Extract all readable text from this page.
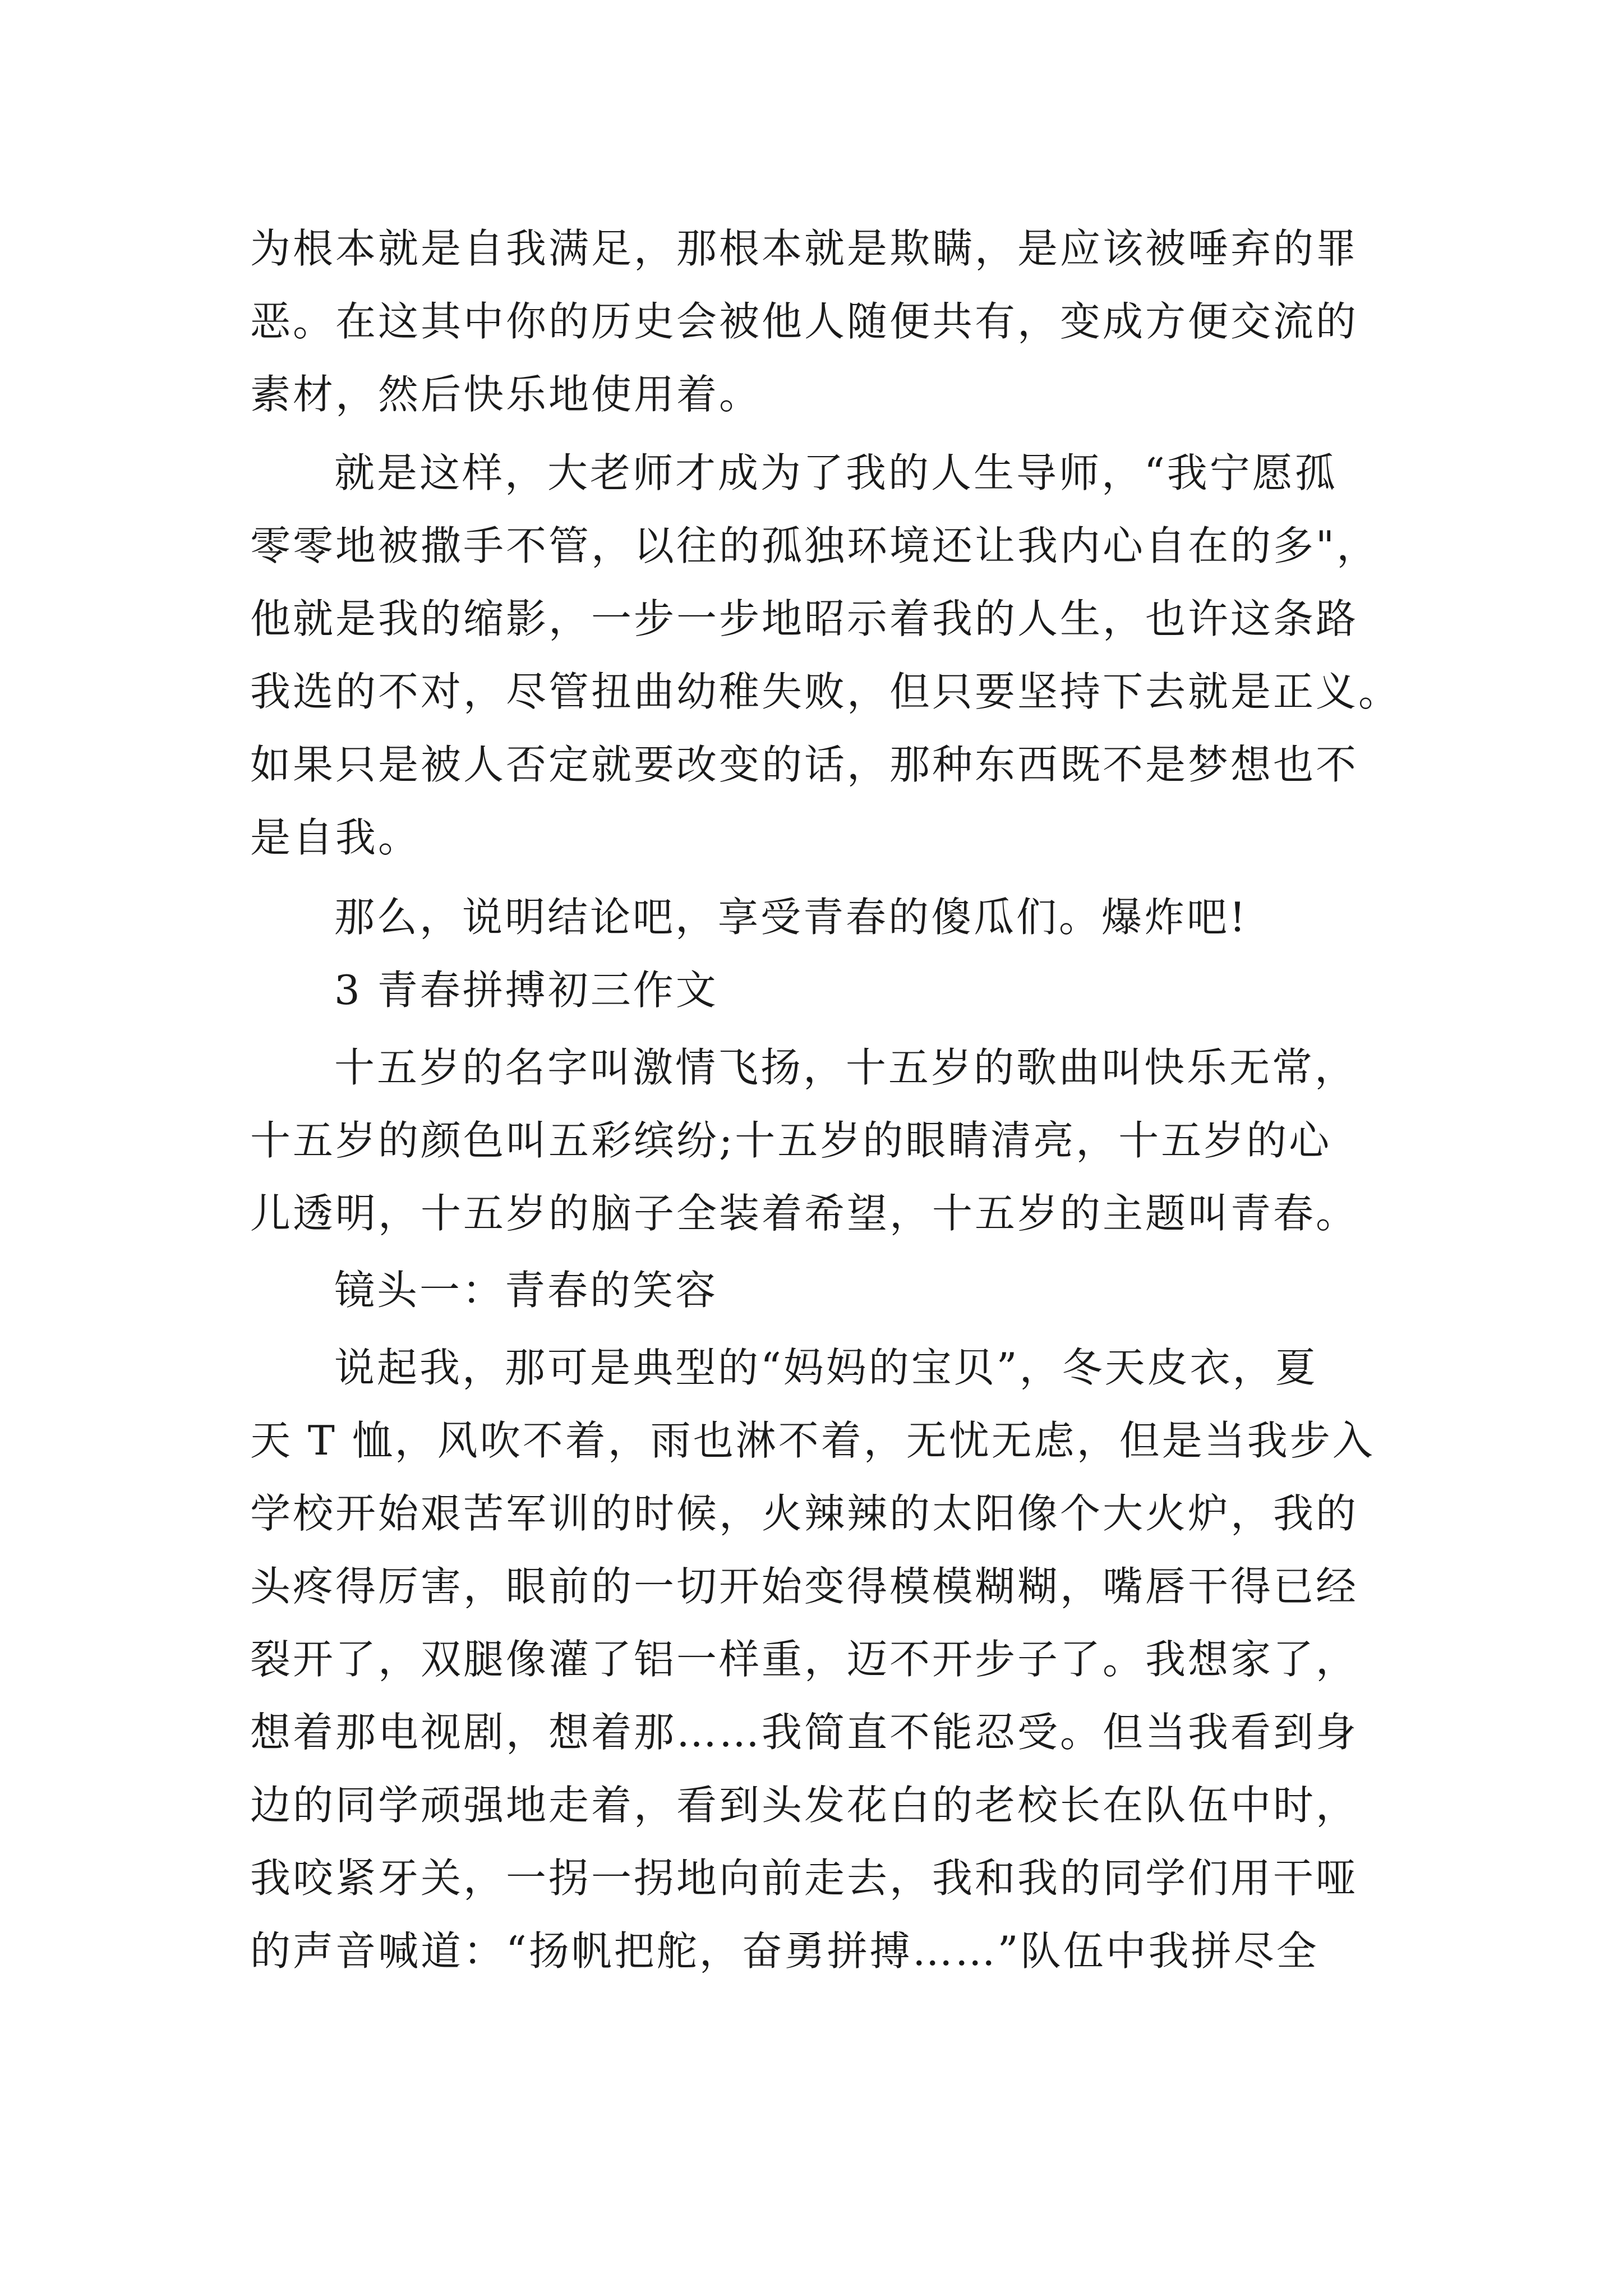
为根本就是自我满足，那根本就是欺瞒，是应该被唾弃的罪
恶。在这其中你的历史会被他人随便共有，变成方便交流的
素材，然后快乐地使用着。
就是这样，大老师才成为了我的人生导师，“我宁愿孤
零零地被撒手不管，以往的孤独环境还让我内心自在的多"，
他就是我的缩影，一步一步地昭示着我的人生，也许这条路
我选的不对，尽管扭曲幼稚失败，但只要坚持下去就是正义。
如果只是被人否定就要改变的话，那种东西既不是梦想也不
是自我。
那么，说明结论吧，享受青春的傻瓜们。爆炸吧!
3 青春拼搏初三作文
十五岁的名字叫激情飞扬，十五岁的歌曲叫快乐无常，
十五岁的颜色叫五彩缤纷;十五岁的眼睛清亮，十五岁的心
儿透明，十五岁的脑子全装着希望，十五岁的主题叫青春。
镜头一：青春的笑容
说起我，那可是典型的“妈妈的宝贝”，冬天皮衣，夏
天 T 恤，风吹不着，雨也淋不着，无忧无虑，但是当我步入
学校开始艰苦军训的时候，火辣辣的太阳像个大火炉，我的
头疼得厉害，眼前的一切开始变得模模糊糊，嘴唇干得已经
裂开了，双腿像灌了铝一样重，迈不开步子了。我想家了，
想着那电视剧，想着那……我简直不能忍受。但当我看到身
边的同学顽强地走着，看到头发花白的老校长在队伍中时，
我咬紧牙关，一拐一拐地向前走去，我和我的同学们用干哑
的声音喊道：“扬帆把舵，奋勇拼搏……”队伍中我拼尽全
